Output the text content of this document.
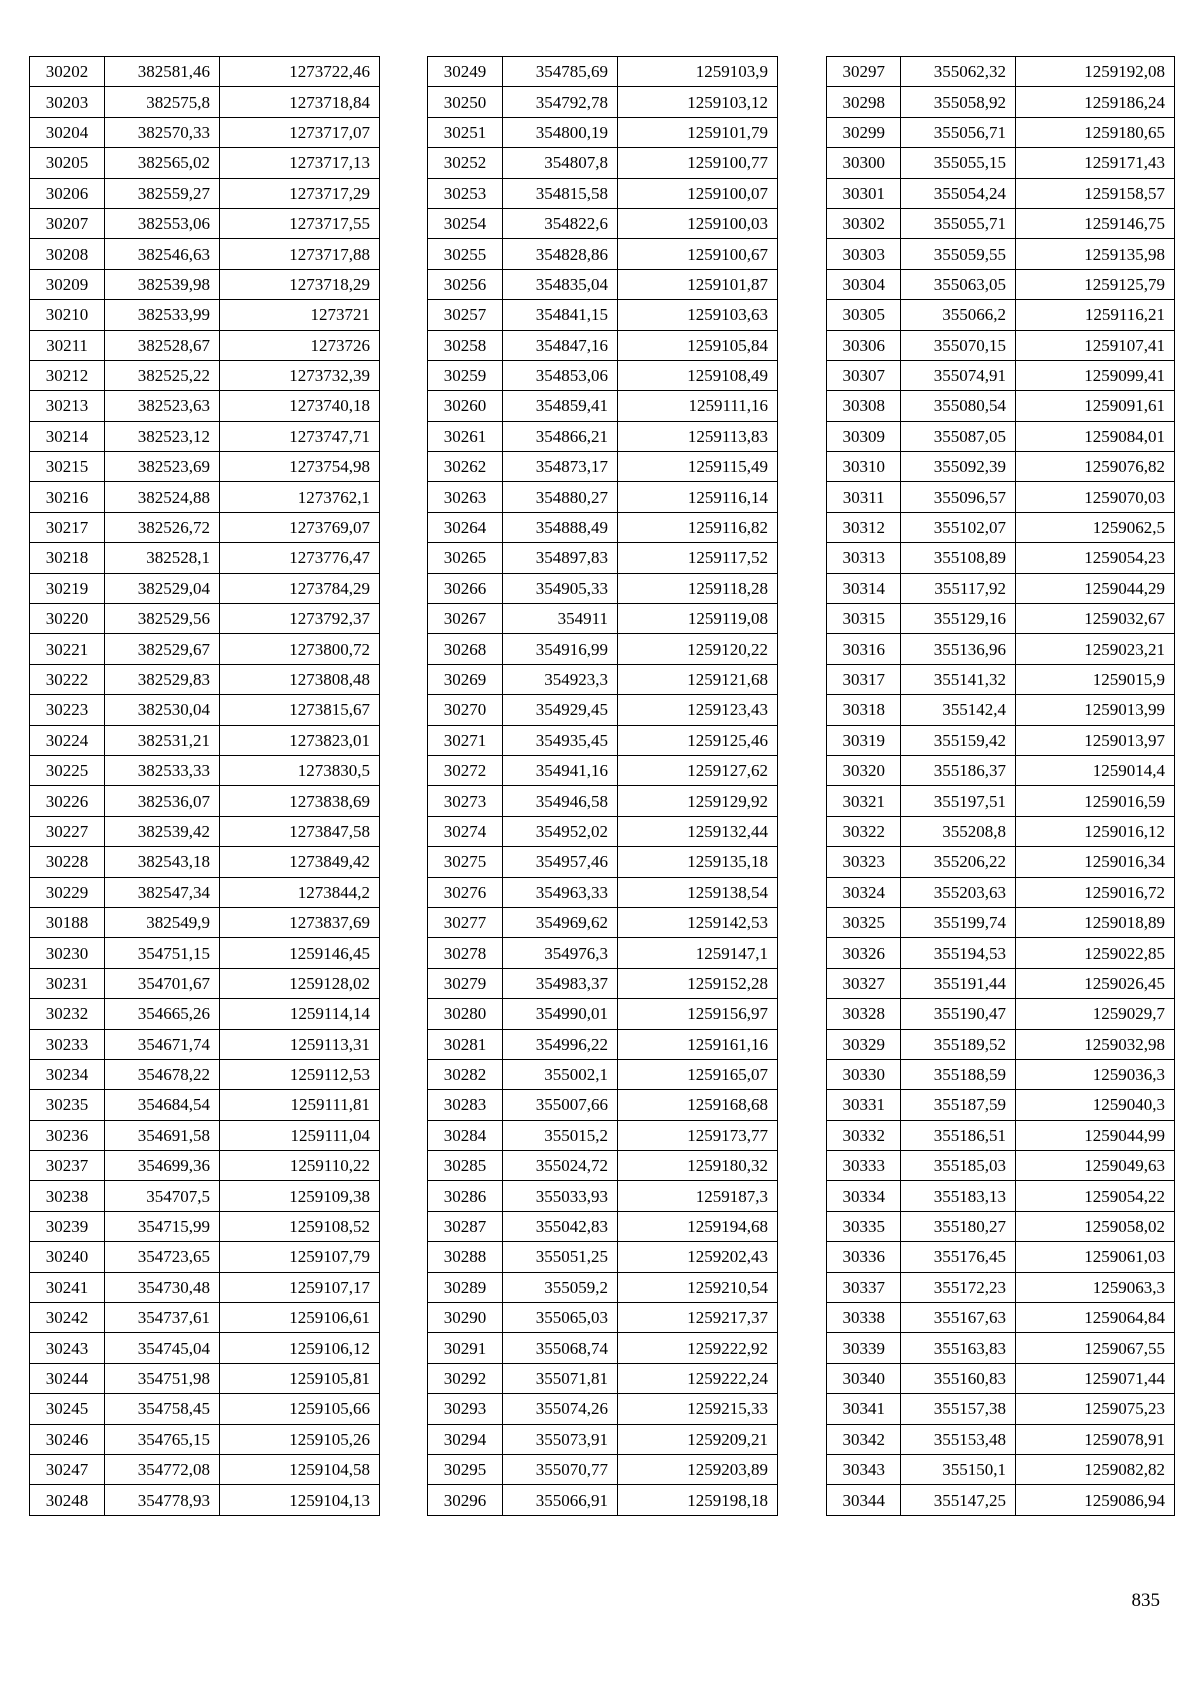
30202	382581,46	1273722,46
30203	382575,8	1273718,84
30204	382570,33	1273717,07
30205	382565,02	1273717,13
30206	382559,27	1273717,29
30207	382553,06	1273717,55
30208	382546,63	1273717,88
30209	382539,98	1273718,29
30210	382533,99	1273721
30211	382528,67	1273726
30212	382525,22	1273732,39
30213	382523,63	1273740,18
30214	382523,12	1273747,71
30215	382523,69	1273754,98
30216	382524,88	1273762,1
30217	382526,72	1273769,07
30218	382528,1	1273776,47
30219	382529,04	1273784,29
30220	382529,56	1273792,37
30221	382529,67	1273800,72
30222	382529,83	1273808,48
30223	382530,04	1273815,67
30224	382531,21	1273823,01
30225	382533,33	1273830,5
30226	382536,07	1273838,69
30227	382539,42	1273847,58
30228	382543,18	1273849,42
30229	382547,34	1273844,2
30188	382549,9	1273837,69
30230	354751,15	1259146,45
30231	354701,67	1259128,02
30232	354665,26	1259114,14
30233	354671,74	1259113,31
30234	354678,22	1259112,53
30235	354684,54	1259111,81
30236	354691,58	1259111,04
30237	354699,36	1259110,22
30238	354707,5	1259109,38
30239	354715,99	1259108,52
30240	354723,65	1259107,79
30241	354730,48	1259107,17
30242	354737,61	1259106,61
30243	354745,04	1259106,12
30244	354751,98	1259105,81
30245	354758,45	1259105,66
30246	354765,15	1259105,26
30247	354772,08	1259104,58
30248	354778,93	1259104,13
30249	354785,69	1259103,9
30250	354792,78	1259103,12
30251	354800,19	1259101,79
30252	354807,8	1259100,77
30253	354815,58	1259100,07
30254	354822,6	1259100,03
30255	354828,86	1259100,67
30256	354835,04	1259101,87
30257	354841,15	1259103,63
30258	354847,16	1259105,84
30259	354853,06	1259108,49
30260	354859,41	1259111,16
30261	354866,21	1259113,83
30262	354873,17	1259115,49
30263	354880,27	1259116,14
30264	354888,49	1259116,82
30265	354897,83	1259117,52
30266	354905,33	1259118,28
30267	354911	1259119,08
30268	354916,99	1259120,22
30269	354923,3	1259121,68
30270	354929,45	1259123,43
30271	354935,45	1259125,46
30272	354941,16	1259127,62
30273	354946,58	1259129,92
30274	354952,02	1259132,44
30275	354957,46	1259135,18
30276	354963,33	1259138,54
30277	354969,62	1259142,53
30278	354976,3	1259147,1
30279	354983,37	1259152,28
30280	354990,01	1259156,97
30281	354996,22	1259161,16
30282	355002,1	1259165,07
30283	355007,66	1259168,68
30284	355015,2	1259173,77
30285	355024,72	1259180,32
30286	355033,93	1259187,3
30287	355042,83	1259194,68
30288	355051,25	1259202,43
30289	355059,2	1259210,54
30290	355065,03	1259217,37
30291	355068,74	1259222,92
30292	355071,81	1259222,24
30293	355074,26	1259215,33
30294	355073,91	1259209,21
30295	355070,77	1259203,89
30296	355066,91	1259198,18
30297	355062,32	1259192,08
30298	355058,92	1259186,24
30299	355056,71	1259180,65
30300	355055,15	1259171,43
30301	355054,24	1259158,57
30302	355055,71	1259146,75
30303	355059,55	1259135,98
30304	355063,05	1259125,79
30305	355066,2	1259116,21
30306	355070,15	1259107,41
30307	355074,91	1259099,41
30308	355080,54	1259091,61
30309	355087,05	1259084,01
30310	355092,39	1259076,82
30311	355096,57	1259070,03
30312	355102,07	1259062,5
30313	355108,89	1259054,23
30314	355117,92	1259044,29
30315	355129,16	1259032,67
30316	355136,96	1259023,21
30317	355141,32	1259015,9
30318	355142,4	1259013,99
30319	355159,42	1259013,97
30320	355186,37	1259014,4
30321	355197,51	1259016,59
30322	355208,8	1259016,12
30323	355206,22	1259016,34
30324	355203,63	1259016,72
30325	355199,74	1259018,89
30326	355194,53	1259022,85
30327	355191,44	1259026,45
30328	355190,47	1259029,7
30329	355189,52	1259032,98
30330	355188,59	1259036,3
30331	355187,59	1259040,3
30332	355186,51	1259044,99
30333	355185,03	1259049,63
30334	355183,13	1259054,22
30335	355180,27	1259058,02
30336	355176,45	1259061,03
30337	355172,23	1259063,3
30338	355167,63	1259064,84
30339	355163,83	1259067,55
30340	355160,83	1259071,44
30341	355157,38	1259075,23
30342	355153,48	1259078,91
30343	355150,1	1259082,82
30344	355147,25	1259086,94
835
